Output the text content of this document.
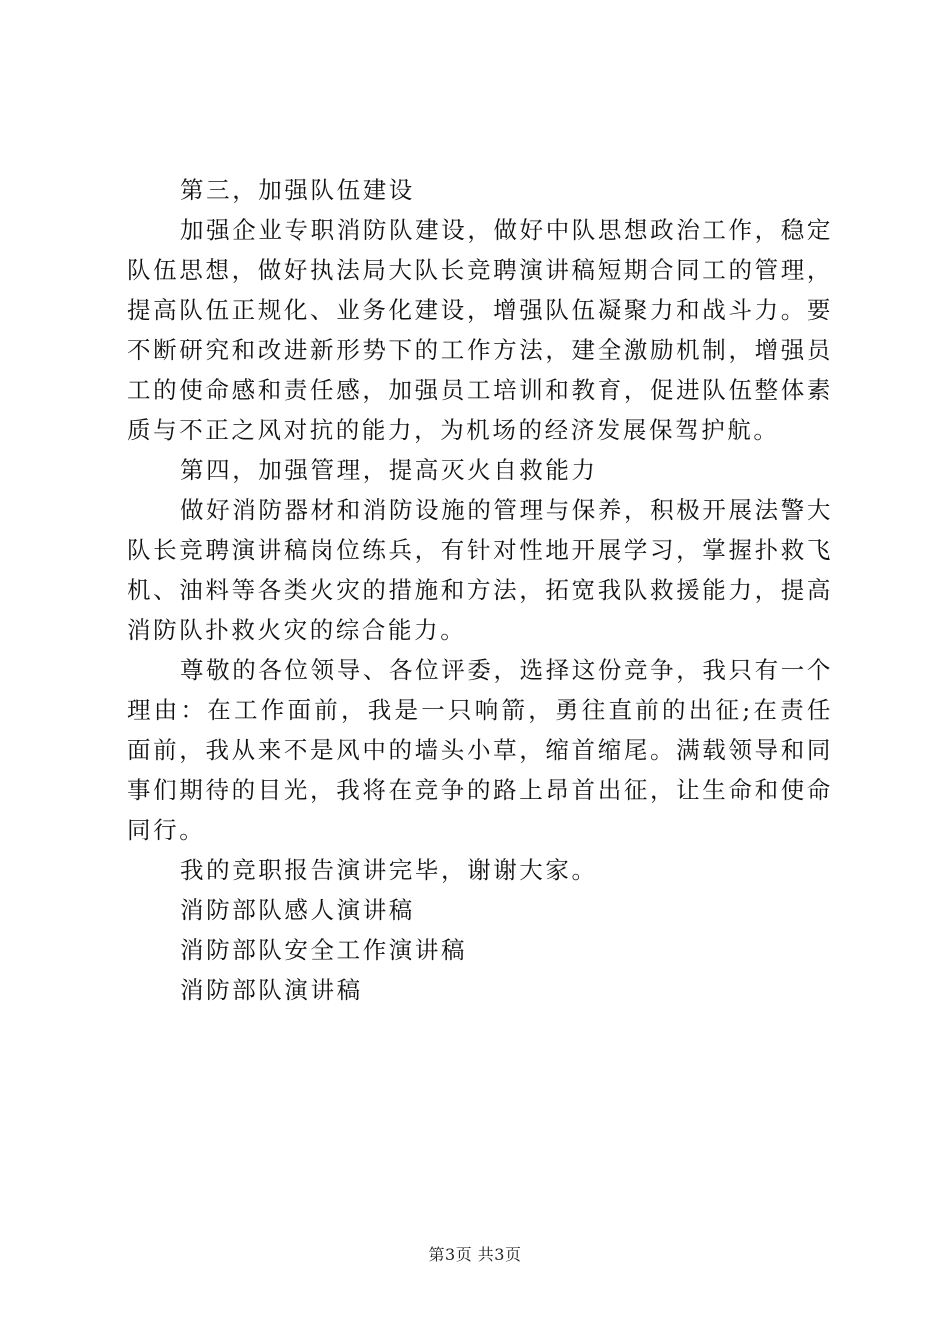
第三，加强队伍建设

加强企业专职消防队建设，做好中队思想政治工作，稳定队伍思想，做好执法局大队长竞聘演讲稿短期合同工的管理，提高队伍正规化、业务化建设，增强队伍凝聚力和战斗力。要不断研究和改进新形势下的工作方法，建全激励机制，增强员工的使命感和责任感，加强员工培训和教育，促进队伍整体素质与不正之风对抗的能力，为机场的经济发展保驾护航。

第四，加强管理，提高灭火自救能力

做好消防器材和消防设施的管理与保养，积极开展法警大队长竞聘演讲稿岗位练兵，有针对性地开展学习，掌握扑救飞机、油料等各类火灾的措施和方法，拓宽我队救援能力，提高消防队扑救火灾的综合能力。

尊敬的各位领导、各位评委，选择这份竞争，我只有一个理由：在工作面前，我是一只响箭，勇往直前的出征;在责任面前，我从来不是风中的墙头小草，缩首缩尾。满载领导和同事们期待的目光，我将在竞争的路上昂首出征，让生命和使命同行。

我的竞职报告演讲完毕，谢谢大家。

消防部队感人演讲稿

消防部队安全工作演讲稿

消防部队演讲稿

第3页 共3页
